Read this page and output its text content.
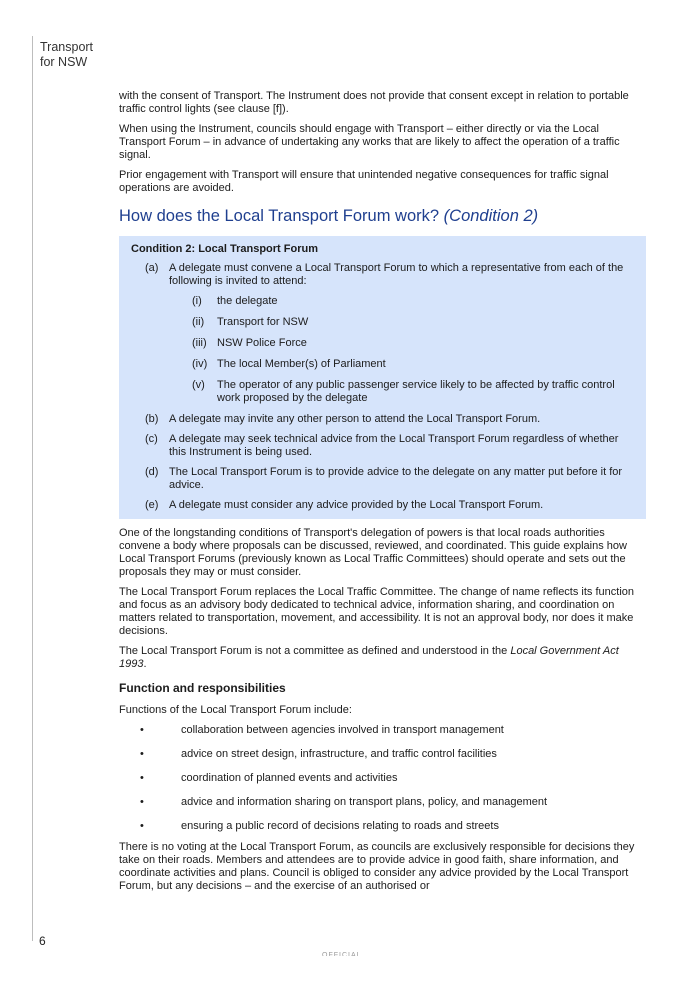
Transport
for NSW

with the consent of Transport. The Instrument does not provide that consent except in relation to portable traffic control lights (see clause [f]).

When using the Instrument, councils should engage with Transport – either directly or via the Local Transport Forum – in advance of undertaking any works that are likely to affect the operation of a traffic signal.

Prior engagement with Transport will ensure that unintended negative consequences for traffic signal operations are avoided.

How does the Local Transport Forum work? (Condition 2)
Condition 2: Local Transport Forum
(a) A delegate must convene a Local Transport Forum to which a representative from each of the following is invited to attend:
(i)	the delegate
(ii)	Transport for NSW
(iii) NSW Police Force
(iv) The local Member(s) of Parliament
(v)	The operator of any public passenger service likely to be affected by traffic control work proposed by the delegate
(b) A delegate may invite any other person to attend the Local Transport Forum.
(c)	A delegate may seek technical advice from the Local Transport Forum regardless of whether this Instrument is being used.
(d) The Local Transport Forum is to provide advice to the delegate on any matter put before it for advice.
(e) A delegate must consider any advice provided by the Local Transport Forum.

One of the longstanding conditions of Transport's delegation of powers is that local roads authorities convene a body where proposals can be discussed, reviewed, and coordinated. This guide explains how Local Transport Forums (previously known as Local Traffic Committees) should operate and sets out the proposals they may or must consider.

The Local Transport Forum replaces the Local Traffic Committee. The change of name reflects its function and focus as an advisory body dedicated to technical advice, information sharing, and coordination on matters related to transportation, movement, and accessibility. It is not an approval body, nor does it make decisions.

The Local Transport Forum is not a committee as defined and understood in the Local Government Act 1993.

Function and responsibilities

Functions of the Local Transport Forum include:

•	collaboration between agencies involved in transport management
•	advice on street design, infrastructure, and traffic control facilities
•	coordination of planned events and activities
•	advice and information sharing on transport plans, policy, and management
•	ensuring a public record of decisions relating to roads and streets

There is no voting at the Local Transport Forum, as councils are exclusively responsible for decisions they take on their roads. Members and attendees are to provide advice in good faith, share information, and coordinate activities and plans. Council is obliged to consider any advice provided by the Local Transport Forum, but any decisions – and the exercise of an authorised or

6
OFFICIAL
